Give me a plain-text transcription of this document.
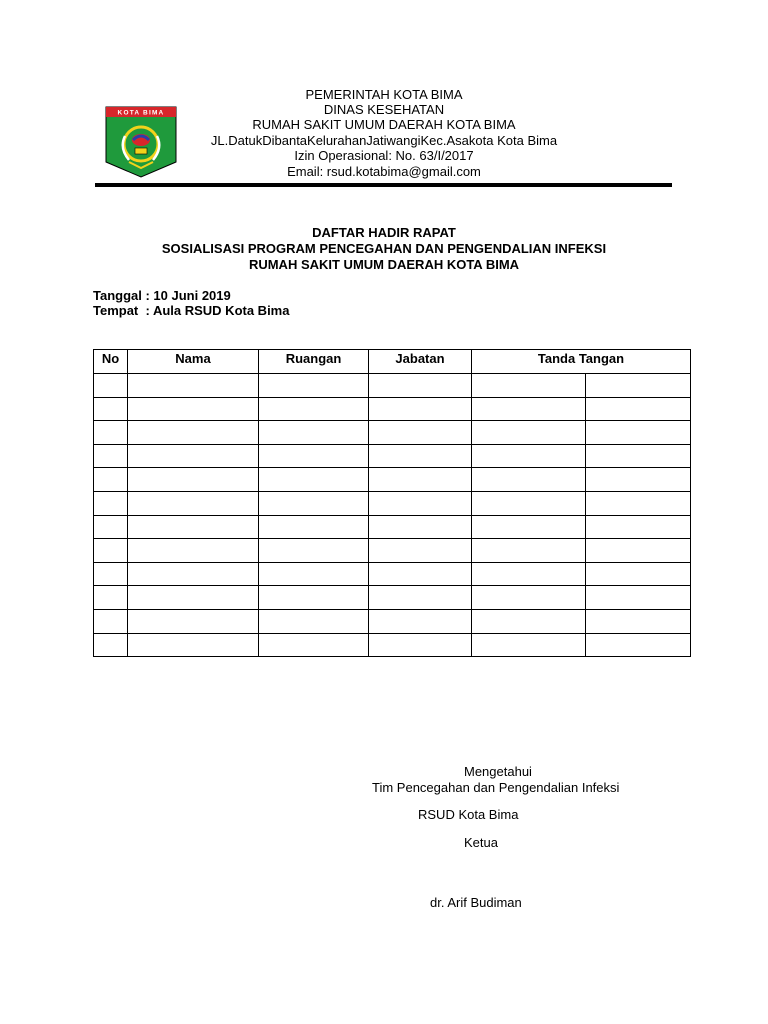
KOTA BIMA
PEMERINTAH KOTA BIMA
DINAS KESEHATAN
RUMAH SAKIT UMUM DAERAH KOTA BIMA
JL.DatukDibantaKelurahanJatiwangiKec.Asakota Kota Bima
Izin Operasional: No. 63/I/2017
Email: rsud.kotabima@gmail.com
DAFTAR HADIR RAPAT
SOSIALISASI PROGRAM PENCEGAHAN DAN PENGENDALIAN INFEKSI
RUMAH SAKIT UMUM DAERAH KOTA BIMA
Tanggal : 10 Juni 2019
Tempat  : Aula RSUD Kota Bima
No	Nama	Ruangan	Jabatan	Tanda Tangan	

Mengetahui
Tim Pencegahan dan Pengendalian Infeksi
RSUD Kota Bima
Ketua
dr. Arif Budiman
